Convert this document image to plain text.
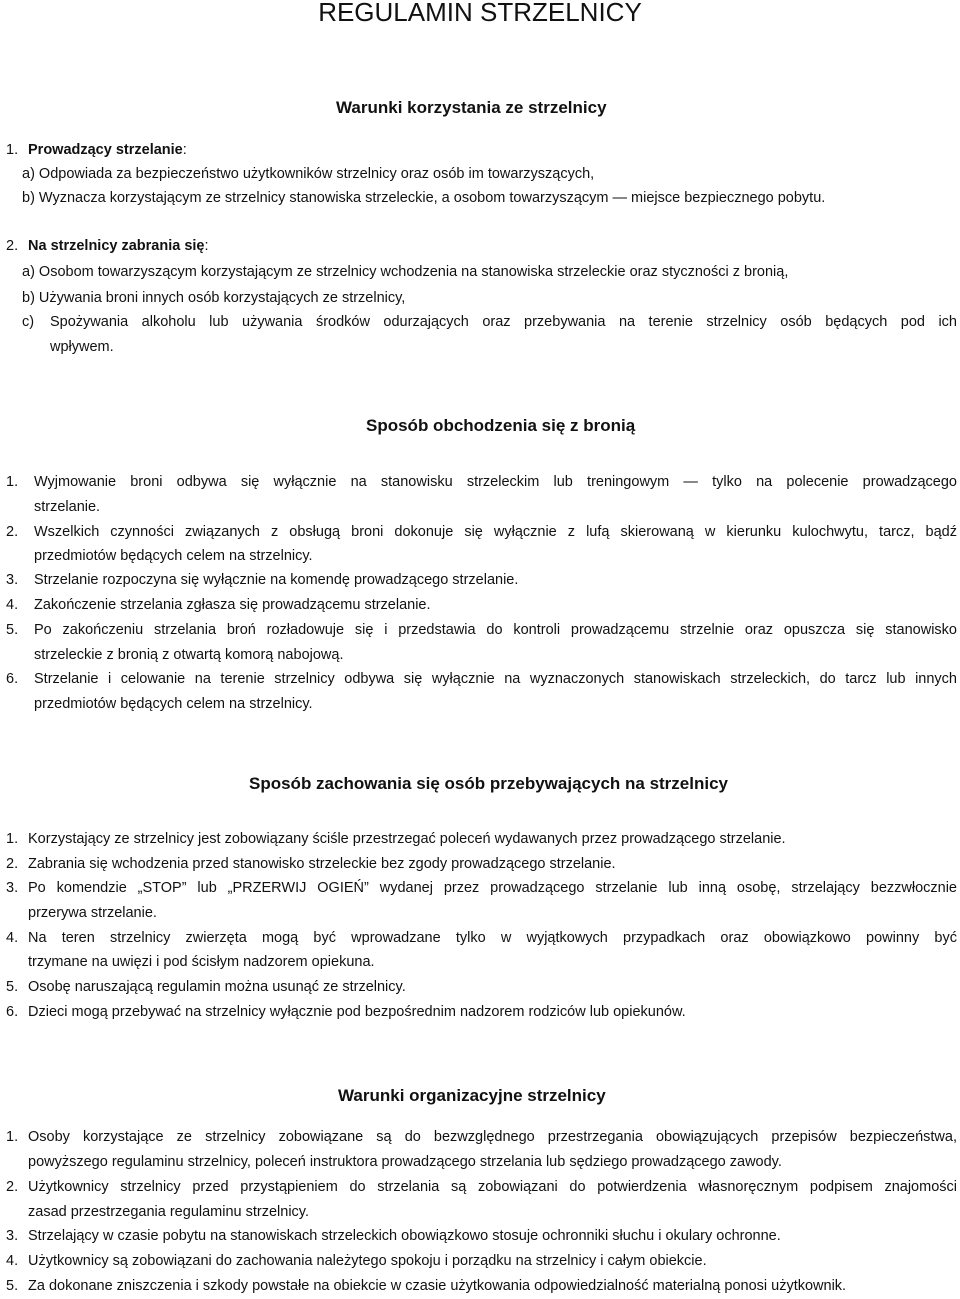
REGULAMIN STRZELNICY
Warunki korzystania ze strzelnicy
1. Prowadzący strzelanie:
a) Odpowiada za bezpieczeństwo użytkowników strzelnicy oraz osób im towarzyszących,
b) Wyznacza korzystającym ze strzelnicy stanowiska strzeleckie, a osobom towarzyszącym — miejsce bezpiecznego pobytu.
2. Na strzelnicy zabrania się:
a) Osobom towarzyszącym korzystającym ze strzelnicy wchodzenia na stanowiska strzeleckie oraz styczności z bronią,
b) Używania broni innych osób korzystających ze strzelnicy,
c) Spożywania alkoholu lub używania środków odurzających oraz przebywania na terenie strzelnicy osób będących pod ich
wpływem.
Sposób obchodzenia się z bronią
1. Wyjmowanie broni odbywa się wyłącznie na stanowisku strzeleckim lub treningowym — tylko na polecenie prowadzącego
strzelanie.
2. Wszelkich czynności związanych z obsługą broni dokonuje się wyłącznie z lufą skierowaną w kierunku kulochwytu, tarcz, bądź
przedmiotów będących celem na strzelnicy.
3. Strzelanie rozpoczyna się wyłącznie na komendę prowadzącego strzelanie.
4. Zakończenie strzelania zgłasza się prowadzącemu strzelanie.
5. Po zakończeniu strzelania broń rozładowuje się i przedstawia do kontroli prowadzącemu strzelnie oraz opuszcza się stanowisko
strzeleckie z bronią z otwartą komorą nabojową.
6. Strzelanie i celowanie na terenie strzelnicy odbywa się wyłącznie na wyznaczonych stanowiskach strzeleckich, do tarcz lub innych
przedmiotów będących celem na strzelnicy.
Sposób zachowania się osób przebywających na strzelnicy
1. Korzystający ze strzelnicy jest zobowiązany ściśle przestrzegać poleceń wydawanych przez prowadzącego strzelanie.
2. Zabrania się wchodzenia przed stanowisko strzeleckie bez zgody prowadzącego strzelanie.
3. Po komendzie „STOP” lub „PRZERWIJ OGIEŃ” wydanej przez prowadzącego strzelanie lub inną osobę, strzelający bezzwłocznie
przerywa strzelanie.
4. Na teren strzelnicy zwierzęta mogą być wprowadzane tylko w wyjątkowych przypadkach oraz obowiązkowo powinny być
trzymane na uwięzi i pod ścisłym nadzorem opiekuna.
5. Osobę naruszającą regulamin można usunąć ze strzelnicy.
6. Dzieci mogą przebywać na strzelnicy wyłącznie pod bezpośrednim nadzorem rodziców lub opiekunów.
Warunki organizacyjne strzelnicy
1. Osoby korzystające ze strzelnicy zobowiązane są do bezwzględnego przestrzegania obowiązujących przepisów bezpieczeństwa,
powyższego regulaminu strzelnicy, poleceń instruktora prowadzącego strzelania lub sędziego prowadzącego zawody.
2. Użytkownicy strzelnicy przed przystąpieniem do strzelania są zobowiązani do potwierdzenia własnoręcznym podpisem znajomości
zasad przestrzegania regulaminu strzelnicy.
3. Strzelający w czasie pobytu na stanowiskach strzeleckich obowiązkowo stosuje ochronniki słuchu i okulary ochronne.
4. Użytkownicy są zobowiązani do zachowania należytego spokoju i porządku na strzelnicy i całym obiekcie.
5. Za dokonane zniszczenia i szkody powstałe na obiekcie w czasie użytkowania odpowiedzialność materialną ponosi użytkownik.
